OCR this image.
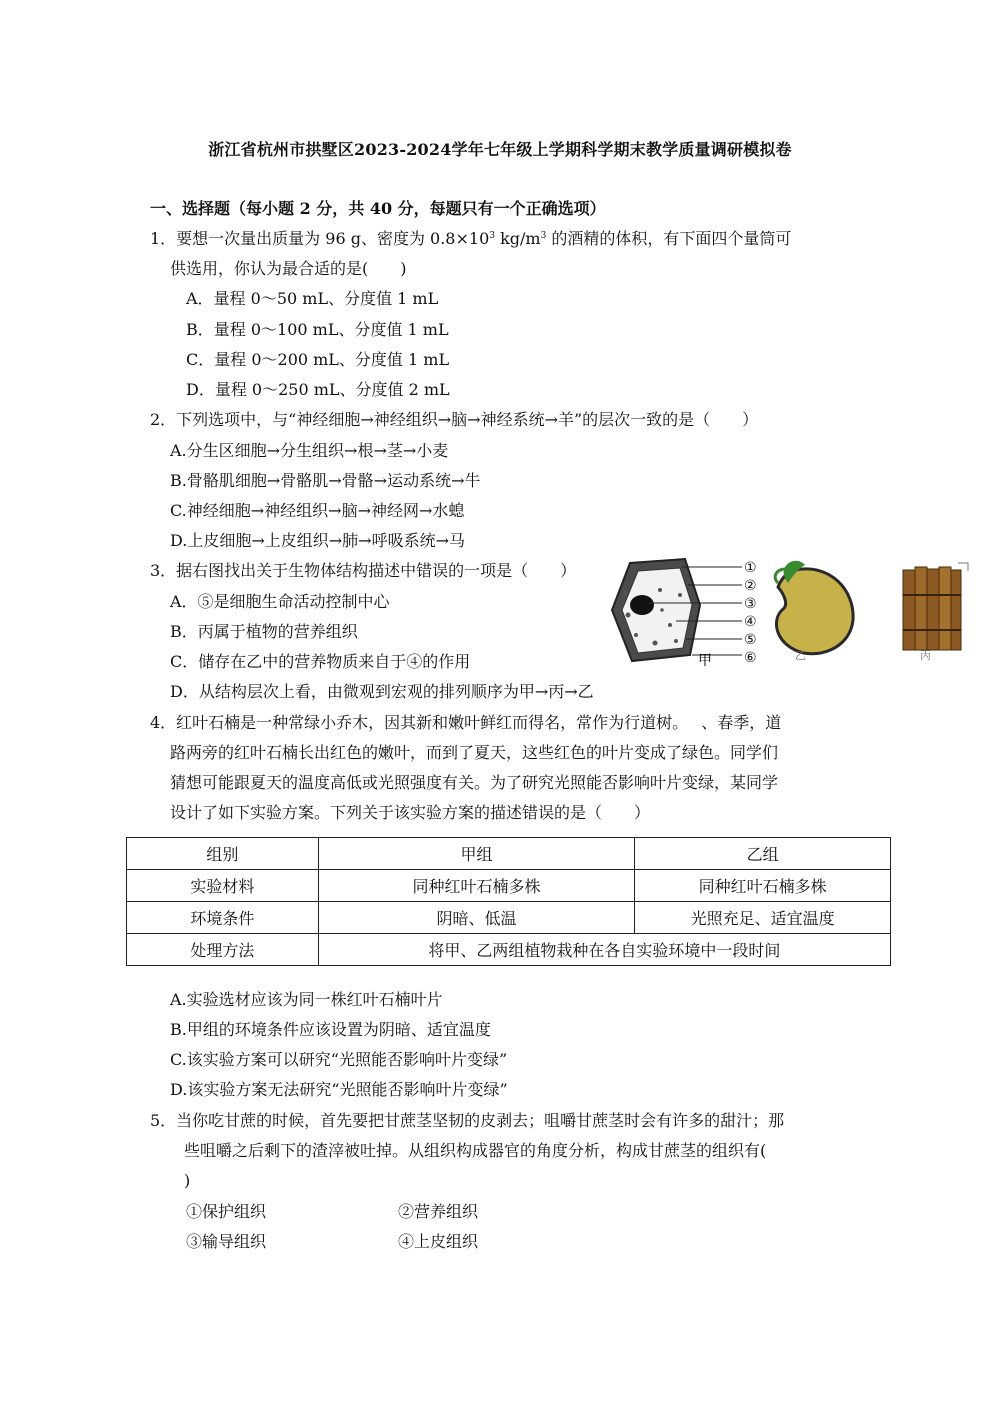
浙江省杭州市拱墅区2023-2024学年七年级上学期科学期末教学质量调研模拟卷
一、选择题（每小题 2 分，共 40 分，每题只有一个正确选项）
1．要想一次量出质量为 96 g、密度为 $0.8\times 10^3$ $kg/m^3$ 的酒精的体积，有下面四个量筒可
供选用，你认为最合适的是(　　)
A．量程 0～50 mL、分度值 1 mL
B．量程 0～100 mL、分度值 1 mL
C．量程 0～200 mL、分度值 1 mL
D．量程 0～250 mL、分度值 2 mL
2．下列选项中，与“神经细胞→神经组织→脑→神经系统→羊”的层次一致的是（　　）
A.分生区细胞→分生组织→根→茎→小麦
B.骨骼肌细胞→骨骼肌→骨骼→运动系统→牛
C.神经细胞→神经组织→脑→神经网→水螅
D.上皮细胞→上皮组织→肺→呼吸系统→马
3．据右图找出关于生物体结构描述中错误的一项是（　　）
A．⑤是细胞生命活动控制中心
B．丙属于植物的营养组织
C．储存在乙中的营养物质来自于④的作用
D．从结构层次上看，由微观到宏观的排列顺序为甲→丙→乙
①
②
③
④
⑤
⑥
甲	乙	丙
4．红叶石楠是一种常绿小乔木，因其新和嫩叶鲜红而得名，常作为行道树。　 、春季，道
路两旁的红叶石楠长出红色的嫩叶，而到了夏天，这些红色的叶片变成了绿色。同学们
猜想可能跟夏天的温度高低或光照强度有关。为了研究光照能否影响叶片变绿，某同学
设计了如下实验方案。下列关于该实验方案的描述错误的是（　　）
组别	甲组	乙组
实验材料	同种红叶石楠多株	同种红叶石楠多株
环境条件	阴暗、低温	光照充足、适宜温度
处理方法	将甲、乙两组植物栽种在各自实验环境中一段时间	
A.实验选材应该为同一株红叶石楠叶片
B.甲组的环境条件应该设置为阴暗、适宜温度
C.该实验方案可以研究“光照能否影响叶片变绿”
D.该实验方案无法研究“光照能否影响叶片变绿”
5．当你吃甘蔗的时候，首先要把甘蔗茎坚韧的皮剥去；咀嚼甘蔗茎时会有许多的甜汁；那
些咀嚼之后剩下的渣滓被吐掉。从组织构成器官的角度分析，构成甘蔗茎的组织有(
)
①保护组织	②营养组织
③输导组织	④上皮组织
